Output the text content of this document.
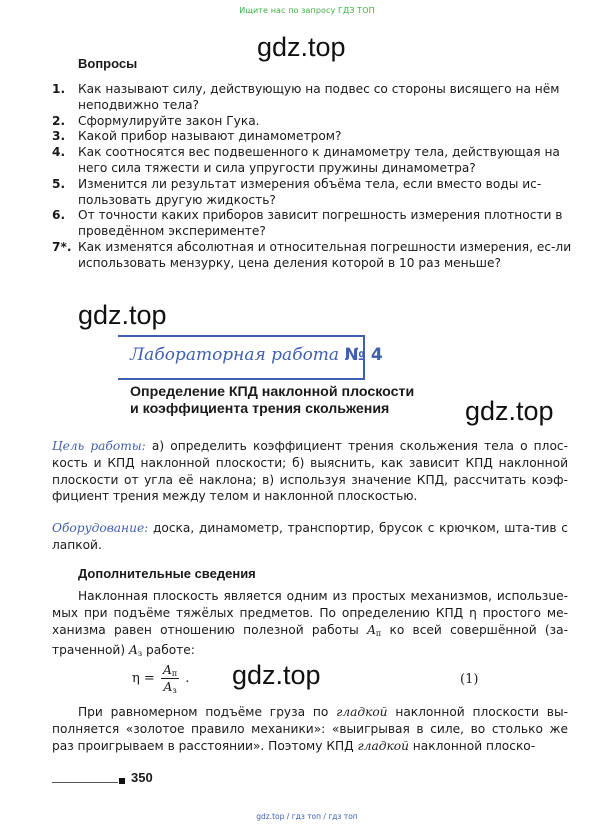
Ищите нас по запросу ГДЗ ТОП
gdz.top
Вопросы
1.	Как называют силу, действующую на подвес со стороны висящего на нём неподвижно тела?
2.	Сформулируйте закон Гука.
3.	Какой прибор называют динамометром?
4.	Как соотносятся вес подвешенного к динамометру тела, действующая на него сила тяжести и сила упругости пружины динамометра?
5.	Изменится ли результат измерения объёма тела, если вместо воды ис-пользовать другую жидкость?
6.	От точности каких приборов зависит погрешность измерения плотности в проведённом эксперименте?
7*. Как изменятся абсолютная и относительная погрешности измерения, ес-ли использовать мензурку, цена деления которой в 10 раз меньше?
gdz.top
Лабораторная работа № 4
Определение КПД наклонной плоскости
и коэффициента трения скольжения	gdz.top
Цель работы: а) определить коэффициент трения скольжения тела о плос-кость и КПД наклонной плоскости; б) выяснить, как зависит КПД наклонной плоскости от угла её наклона; в) используя значение КПД, рассчитать коэф-фициент трения между телом и наклонной плоскостью.
Оборудование: доска, динамометр, транспортир, брусок с крючком, шта-тив с лапкой.
Дополнительные сведения
Наклонная плоскость является одним из простых механизмов, использue-мых при подъёме тяжёлых предметов. По определению КПД η простого ме-ханизма равен отношению полезной работы $A_п$ ко всей совершённой (за-траченной) $A_з$ работе:
$\eta = \frac{A_п}{A_з}$ . gdz.top	(1)
При равномерном подъёме груза по гладкой наклонной плоскости вы-полняется «золотое правило механики»: «выигрывая в силе, во столько же раз проигрываем в расстоянии». Поэтому КПД гладкой наклонной плоско-
350
gdz.top / гдз топ / гдз топ
